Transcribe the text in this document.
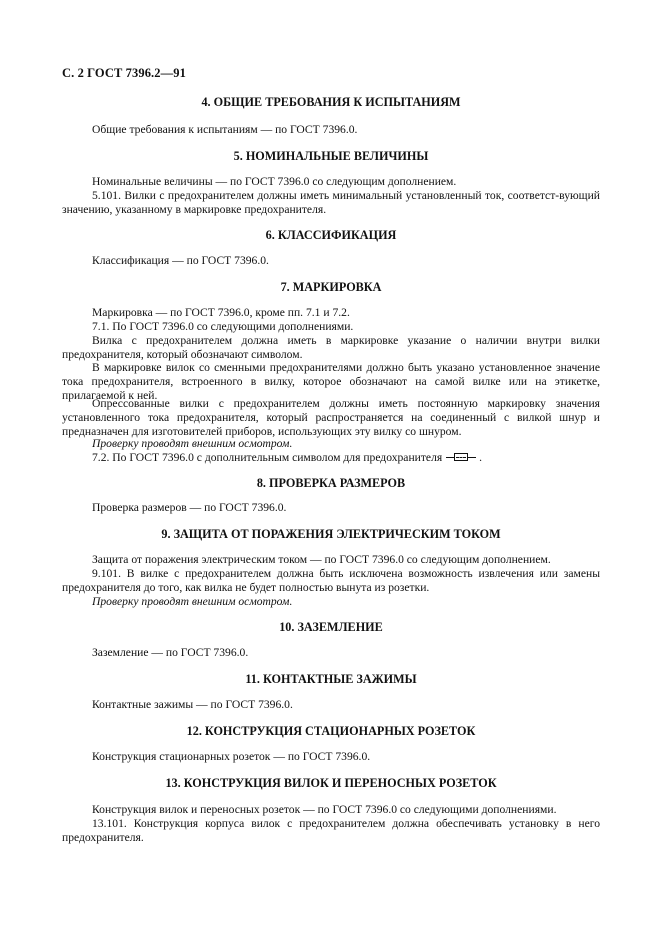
С. 2 ГОСТ 7396.2—91
4. ОБЩИЕ ТРЕБОВАНИЯ К ИСПЫТАНИЯМ
Общие требования к испытаниям — по ГОСТ 7396.0.
5. НОМИНАЛЬНЫЕ ВЕЛИЧИНЫ
Номинальные величины — по ГОСТ 7396.0 со следующим дополнением.
5.101. Вилки с предохранителем должны иметь минимальный установленный ток, соответст-вующий значению, указанному в маркировке предохранителя.
6. КЛАССИФИКАЦИЯ
Классификация — по ГОСТ 7396.0.
7. МАРКИРОВКА
Маркировка — по ГОСТ 7396.0, кроме пп. 7.1 и 7.2.
7.1. По ГОСТ 7396.0 со следующими дополнениями.
Вилка с предохранителем должна иметь в маркировке указание о наличии внутри вилки предохранителя, который обозначают символом.
В маркировке вилок со сменными предохранителями должно быть указано установленное значение тока предохранителя, встроенного в вилку, которое обозначают на самой вилке или на этикетке, прилагаемой к ней.
Опрессованные вилки с предохранителем должны иметь постоянную маркировку значения установленного тока предохранителя, который распространяется на соединенный с вилкой шнур и предназначен для изготовителей приборов, использующих эту вилку со шнуром.
Проверку проводят внешним осмотром.
7.2. По ГОСТ 7396.0 с дополнительным символом для предохранителя	.
8. ПРОВЕРКА РАЗМЕРОВ
Проверка размеров — по ГОСТ 7396.0.
9. ЗАЩИТА ОТ ПОРАЖЕНИЯ ЭЛЕКТРИЧЕСКИМ ТОКОМ
Защита от поражения электрическим током — по ГОСТ 7396.0 со следующим дополнением.
9.101. В вилке с предохранителем должна быть исключена возможность извлечения или замены предохранителя до того, как вилка не будет полностью вынута из розетки.
Проверку проводят внешним осмотром.
10. ЗАЗЕМЛЕНИЕ
Заземление — по ГОСТ 7396.0.
11. КОНТАКТНЫЕ ЗАЖИМЫ
Контактные зажимы — по ГОСТ 7396.0.
12. КОНСТРУКЦИЯ СТАЦИОНАРНЫХ РОЗЕТОК
Конструкция стационарных розеток — по ГОСТ 7396.0.
13. КОНСТРУКЦИЯ ВИЛОК И ПЕРЕНОСНЫХ РОЗЕТОК
Конструкция вилок и переносных розеток — по ГОСТ 7396.0 со следующими дополнениями.
13.101. Конструкция корпуса вилок с предохранителем должна обеспечивать установку в него предохранителя.
